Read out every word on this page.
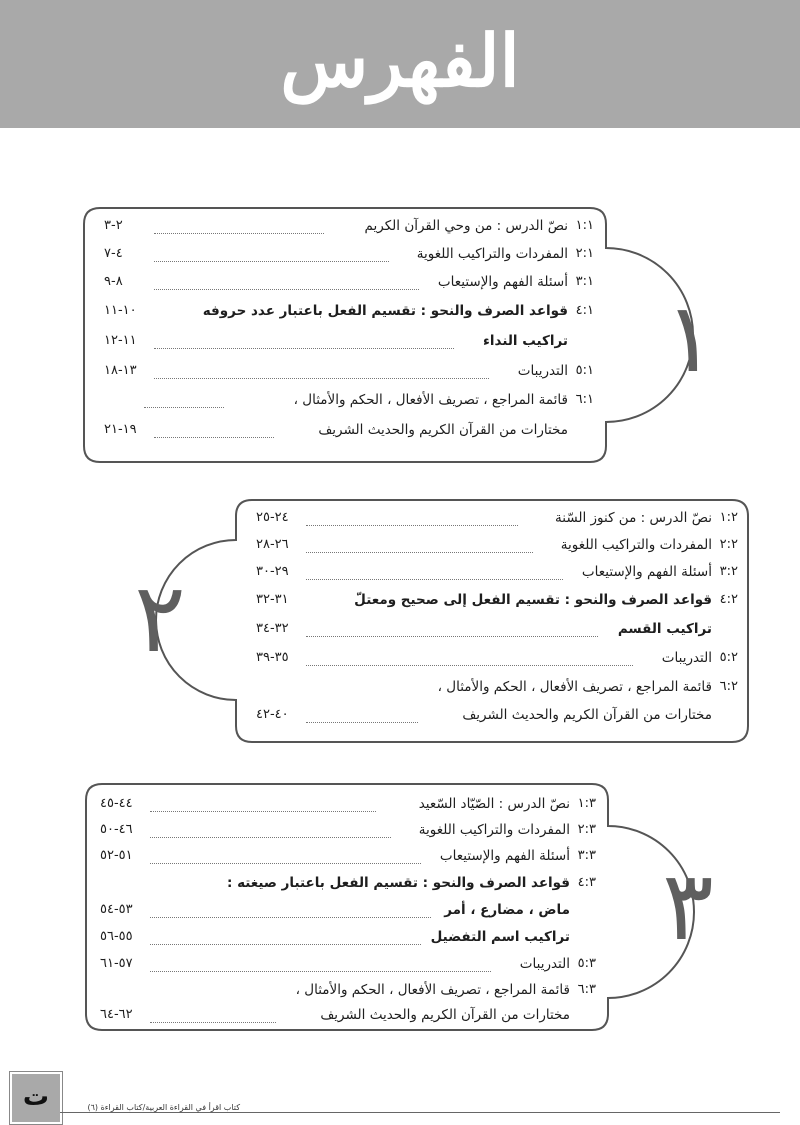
الفهرس
١
٢
٣
١:١
نصّ الدرس : من وحي القرآن الكريم
٢-٣
٢:١
المفردات والتراكيب اللغوية
٤-٧
٣:١
أسئلة الفهم والإستيعاب
٨-٩
٤:١
قواعد الصرف والنحو : تقسيم الفعل باعتبار عدد حروفه
١٠-١١
تراكيب النداء
١١-١٢
٥:١
التدريبات
١٣-١٨
٦:١
قائمة المراجع ، تصريف الأفعال ، الحكم والأمثال ،
مختارات من القرآن الكريم والحديث الشريف
١٩-٢١
١:٢
نصّ الدرس : من كنوز السّنة
٢٤-٢٥
٢:٢
المفردات والتراكيب اللغوية
٢٦-٢٨
٣:٢
أسئلة الفهم والإستيعاب
٢٩-٣٠
٤:٢
قواعد الصرف والنحو : تقسيم الفعل إلى صحيح ومعتلّ
٣١-٣٢
تراكيب القسم
٣٢-٣٤
٥:٢
التدريبات
٣٥-٣٩
٦:٢
قائمة المراجع ، تصريف الأفعال ، الحكم والأمثال ،
مختارات من القرآن الكريم والحديث الشريف
٤٠-٤٢
١:٣
نصّ الدرس : الصّيّاد السّعيد
٤٤-٤٥
٢:٣
المفردات والتراكيب اللغوية
٤٦-٥٠
٣:٣
أسئلة الفهم والإستيعاب
٥١-٥٢
٤:٣
قواعد الصرف والنحو : تقسيم الفعل باعتبار صيغته :
ماض ، مضارع ، أمر
٥٣-٥٤
تراكيب اسم التفضيل
٥٥-٥٦
٥:٣
التدريبات
٥٧-٦١
٦:٣
قائمة المراجع ، تصريف الأفعال ، الحكم والأمثال ،
مختارات من القرآن الكريم والحديث الشريف
٦٢-٦٤
ت	كتاب اقرأ في القراءة العربية/كتاب القراءة (٦)
